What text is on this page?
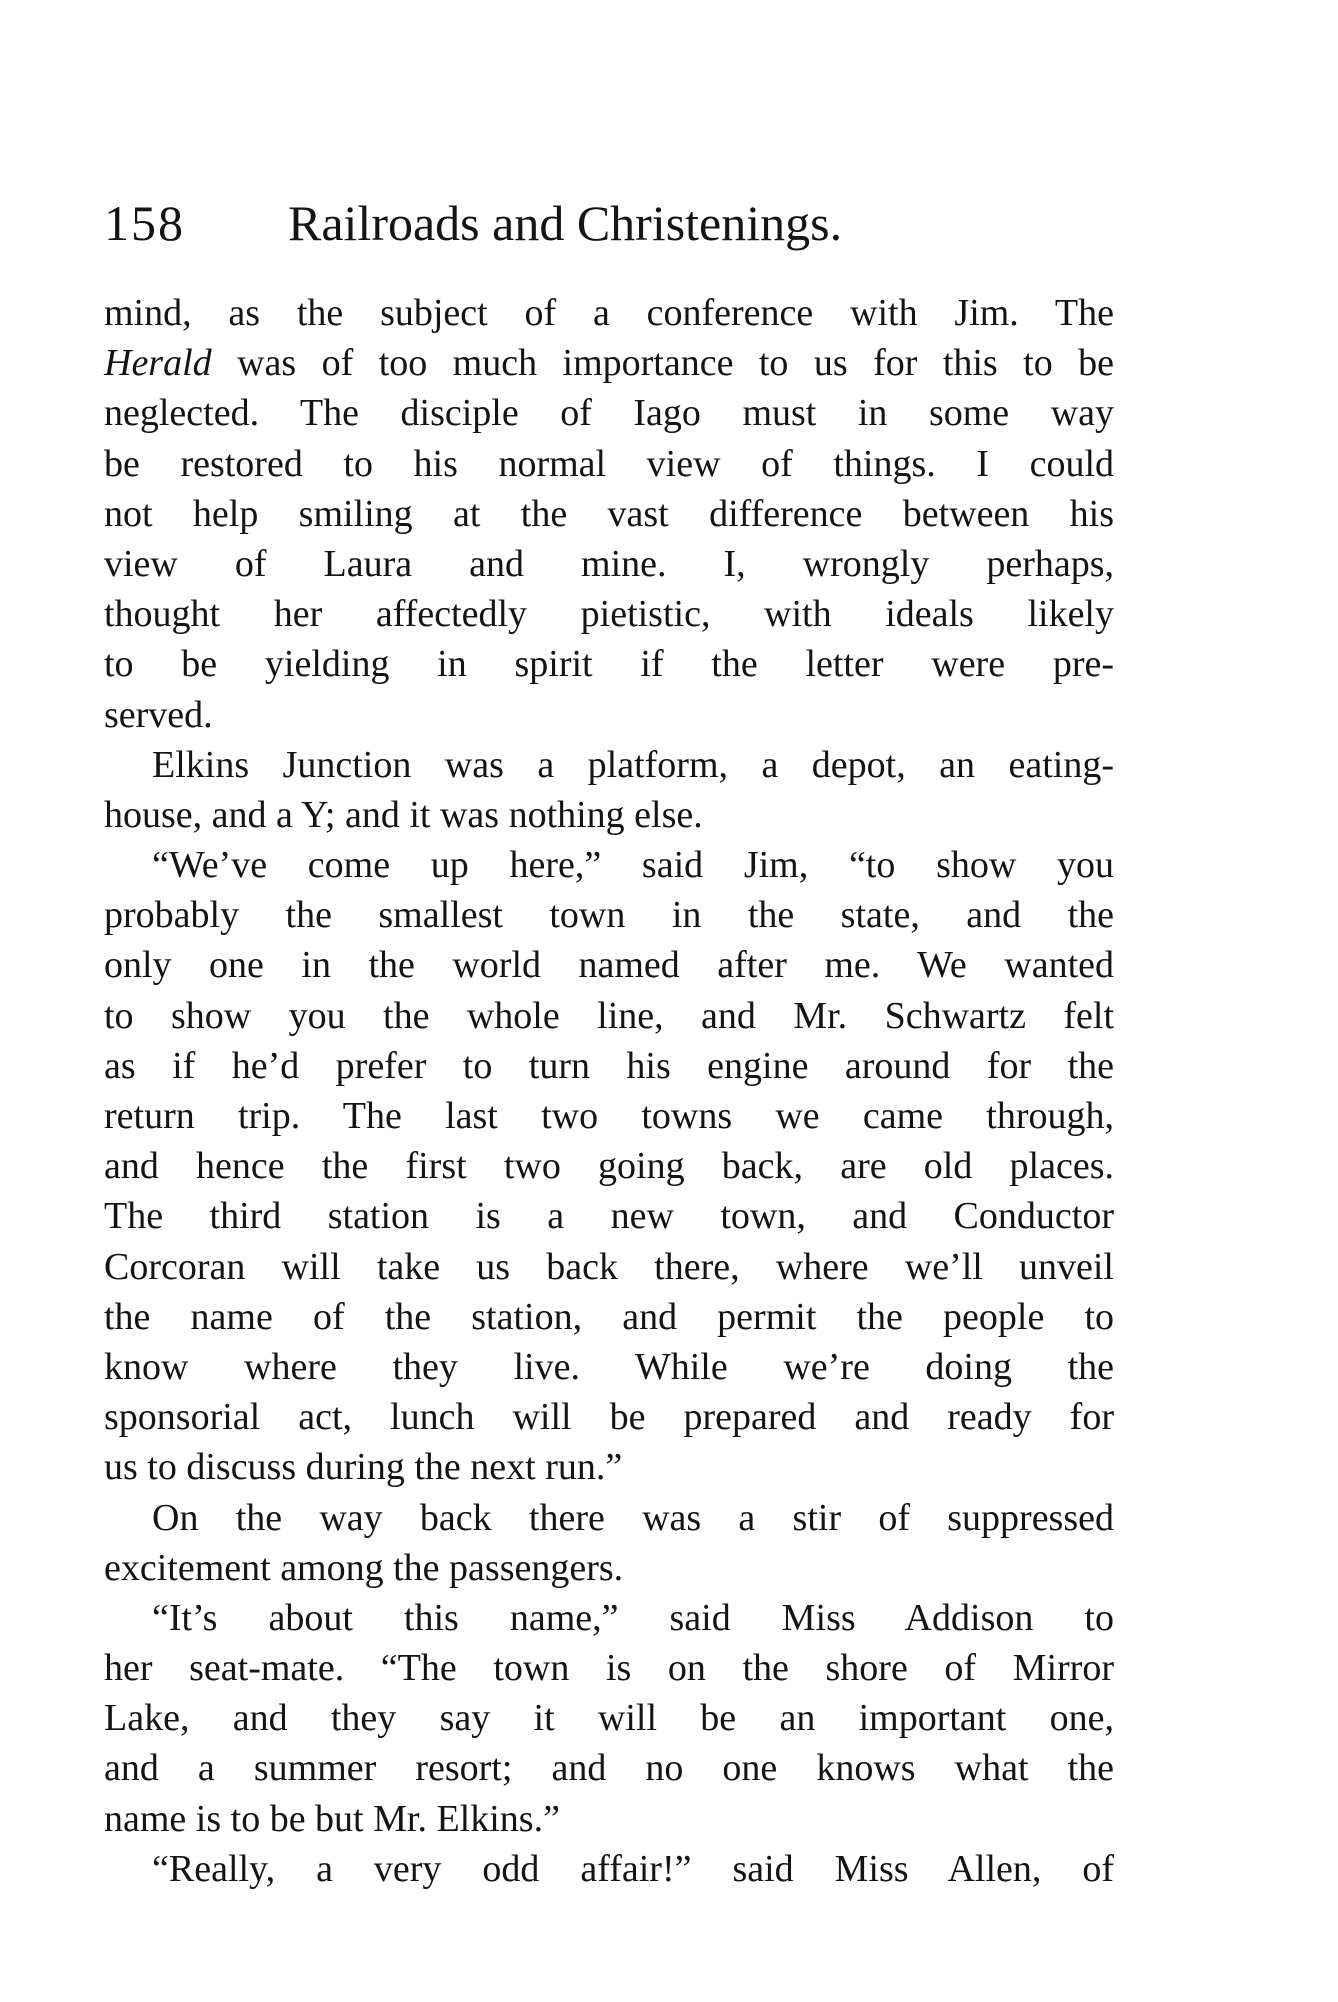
158 Railroads and Christenings.
mind, as the subject of a conference with Jim. The
Herald was of too much importance to us for this to be
neglected. The disciple of Iago must in some way
be restored to his normal view of things. I could
not help smiling at the vast difference between his
view of Laura and mine. I, wrongly perhaps,
thought her affectedly pietistic, with ideals likely
to be yielding in spirit if the letter were pre-
served.
Elkins Junction was a platform, a depot, an eating-
house, and a Y; and it was nothing else.
“We’ve come up here,” said Jim, “to show you
probably the smallest town in the state, and the
only one in the world named after me. We wanted
to show you the whole line, and Mr. Schwartz felt
as if he’d prefer to turn his engine around for the
return trip. The last two towns we came through,
and hence the first two going back, are old places.
The third station is a new town, and Conductor
Corcoran will take us back there, where we’ll unveil
the name of the station, and permit the people to
know where they live. While we’re doing the
sponsorial act, lunch will be prepared and ready for
us to discuss during the next run.”
On the way back there was a stir of suppressed
excitement among the passengers.
“It’s about this name,” said Miss Addison to
her seat-mate. “The town is on the shore of Mirror
Lake, and they say it will be an important one,
and a summer resort; and no one knows what the
name is to be but Mr. Elkins.”
“Really, a very odd affair!” said Miss Allen, of
